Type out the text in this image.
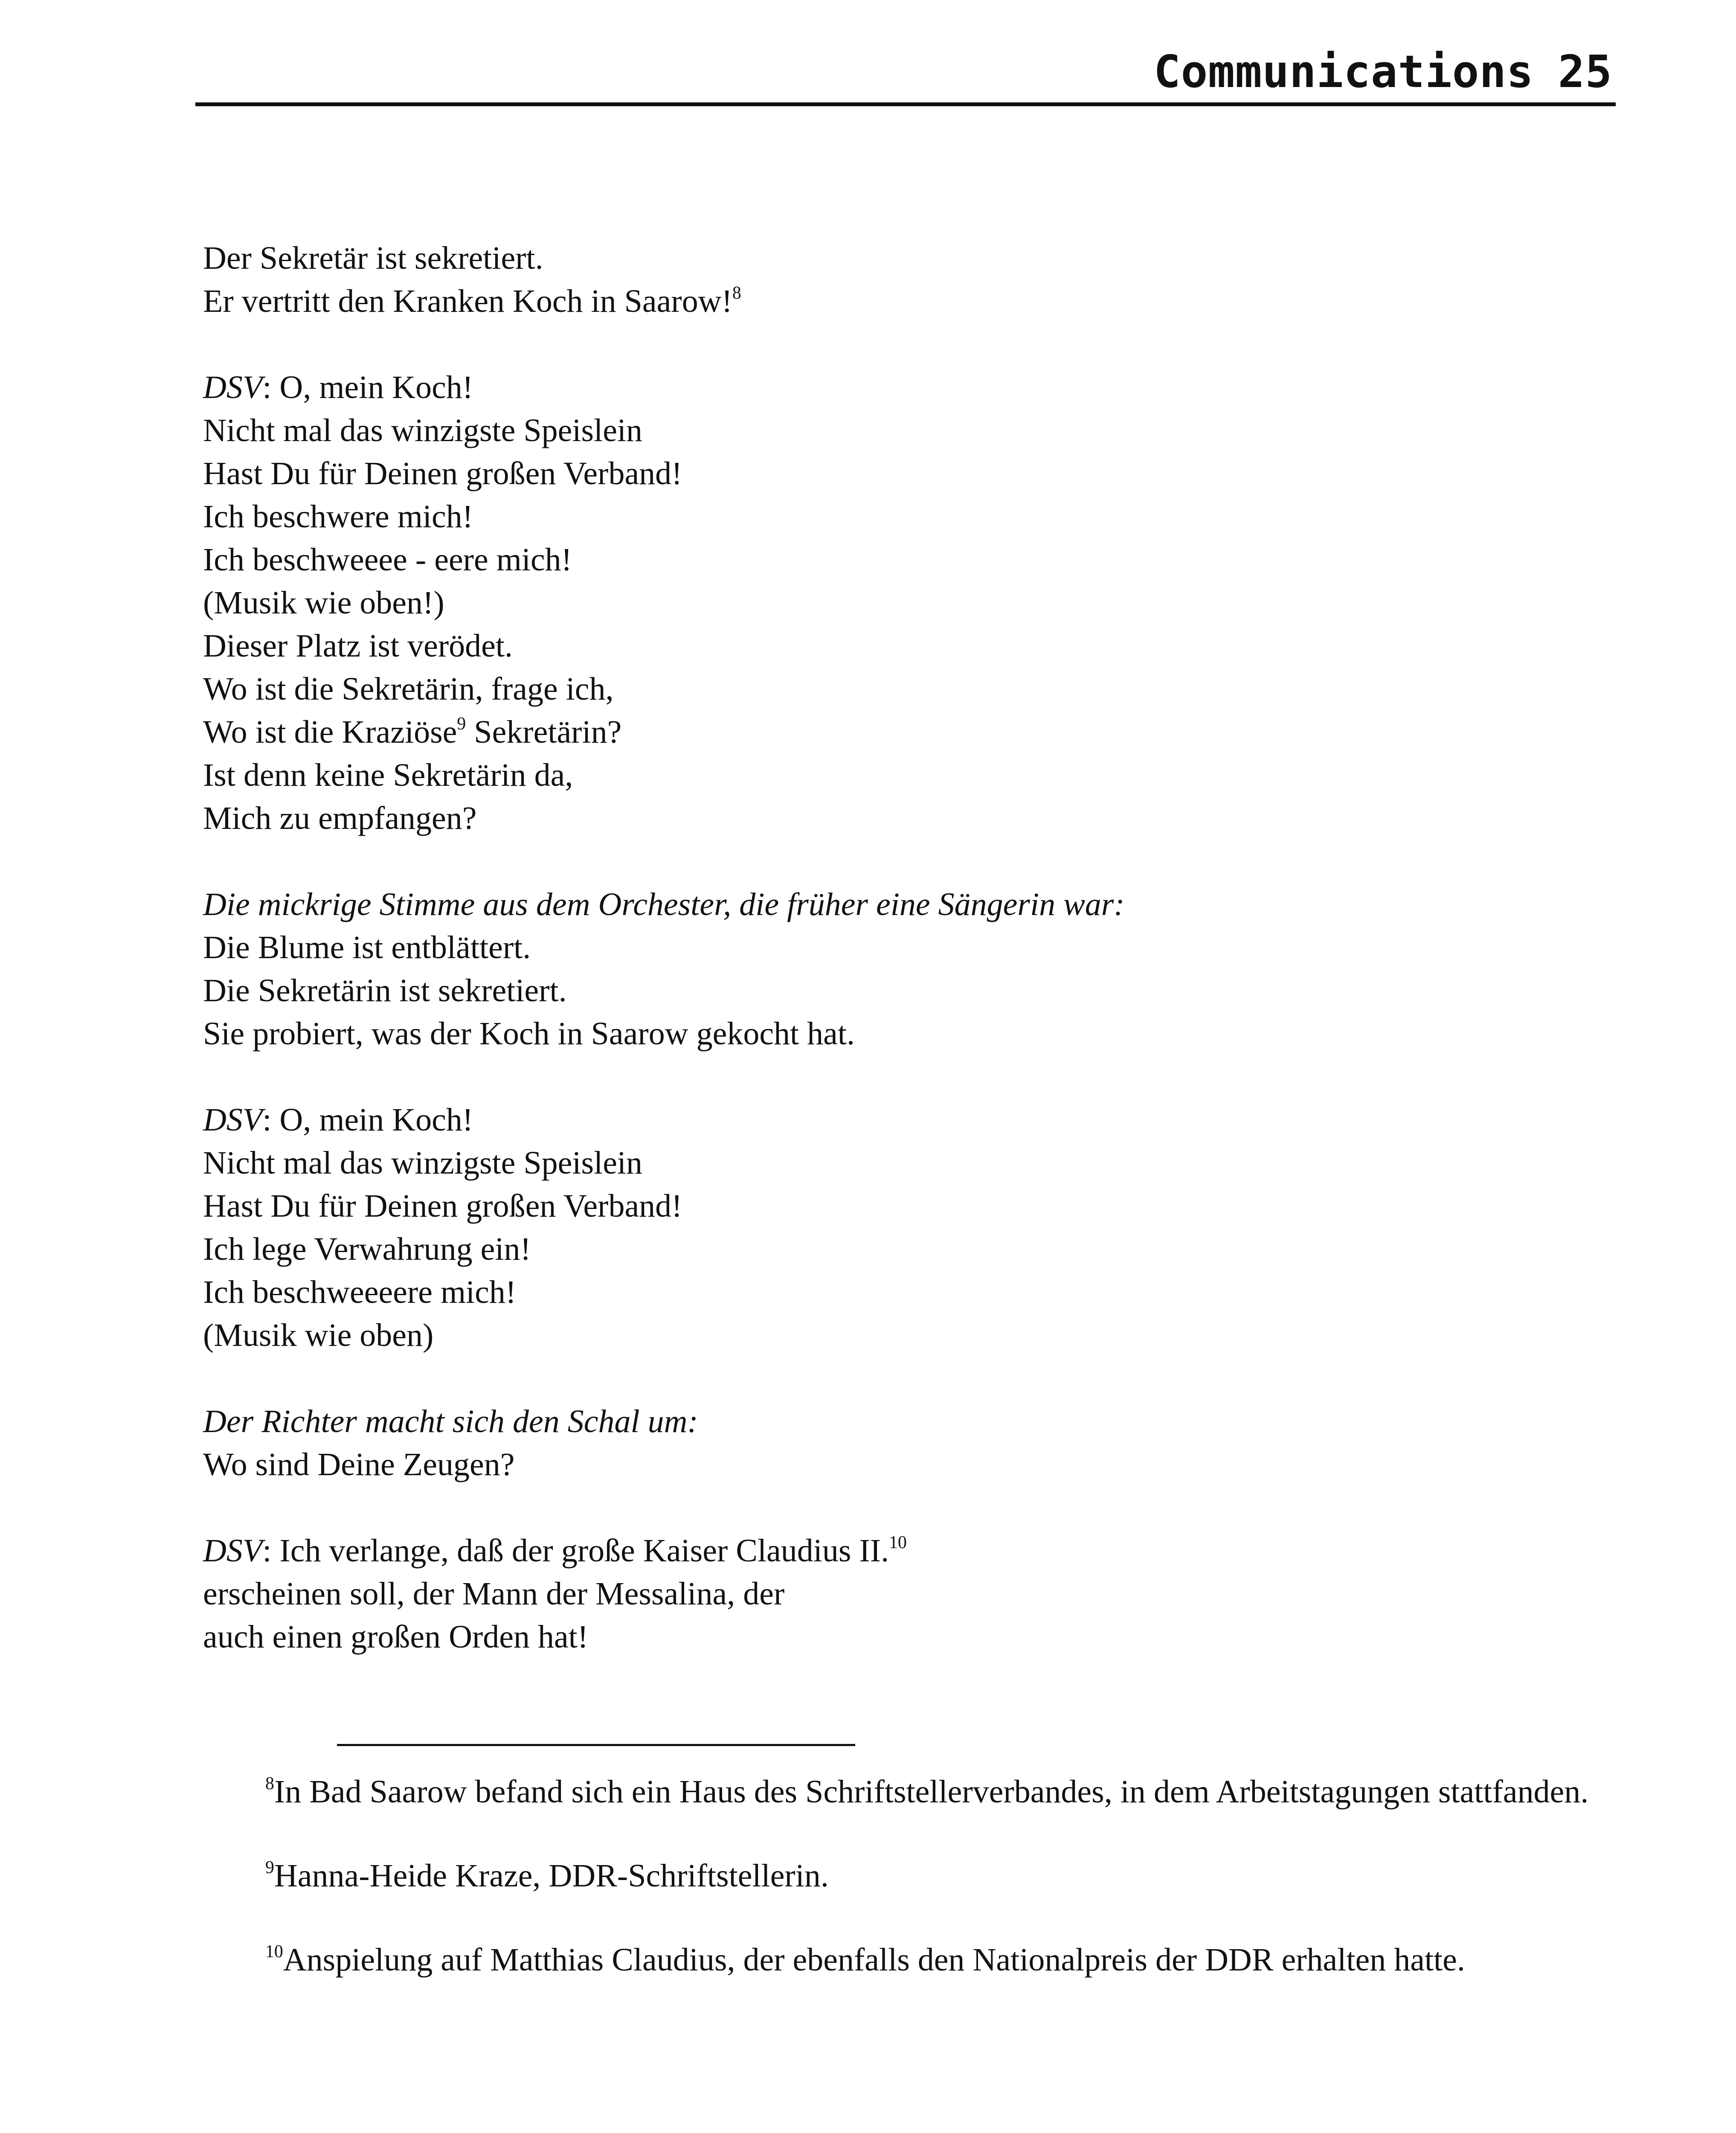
Communications 25
Der Sekretär ist sekretiert.
Er vertritt den Kranken Koch in Saarow!$^8$
DSV: O, mein Koch!
Nicht mal das winzigste Speislein
Hast Du für Deinen großen Verband!
Ich beschwere mich!
Ich beschweeee - eere mich!
(Musik wie oben!)
Dieser Platz ist verödet.
Wo ist die Sekretärin, frage ich,
Wo ist die Kraziöse$^9$ Sekretärin?
Ist denn keine Sekretärin da,
Mich zu empfangen?
Die mickrige Stimme aus dem Orchester, die früher eine Sängerin war:
Die Blume ist entblättert.
Die Sekretärin ist sekretiert.
Sie probiert, was der Koch in Saarow gekocht hat.
DSV: O, mein Koch!
Nicht mal das winzigste Speislein
Hast Du für Deinen großen Verband!
Ich lege Verwahrung ein!
Ich beschweeeere mich!
(Musik wie oben)
Der Richter macht sich den Schal um:
Wo sind Deine Zeugen?
DSV: Ich verlange, daß der große Kaiser Claudius II.$^{10}$
erscheinen soll, der Mann der Messalina, der
auch einen großen Orden hat!

$^8$In Bad Saarow befand sich ein Haus des Schriftstellerverbandes, in dem Arbeitstagungen stattfanden.

$^9$Hanna-Heide Kraze, DDR-Schriftstellerin.

$^{10}$Anspielung auf Matthias Claudius, der ebenfalls den Nationalpreis der DDR erhalten hatte.
